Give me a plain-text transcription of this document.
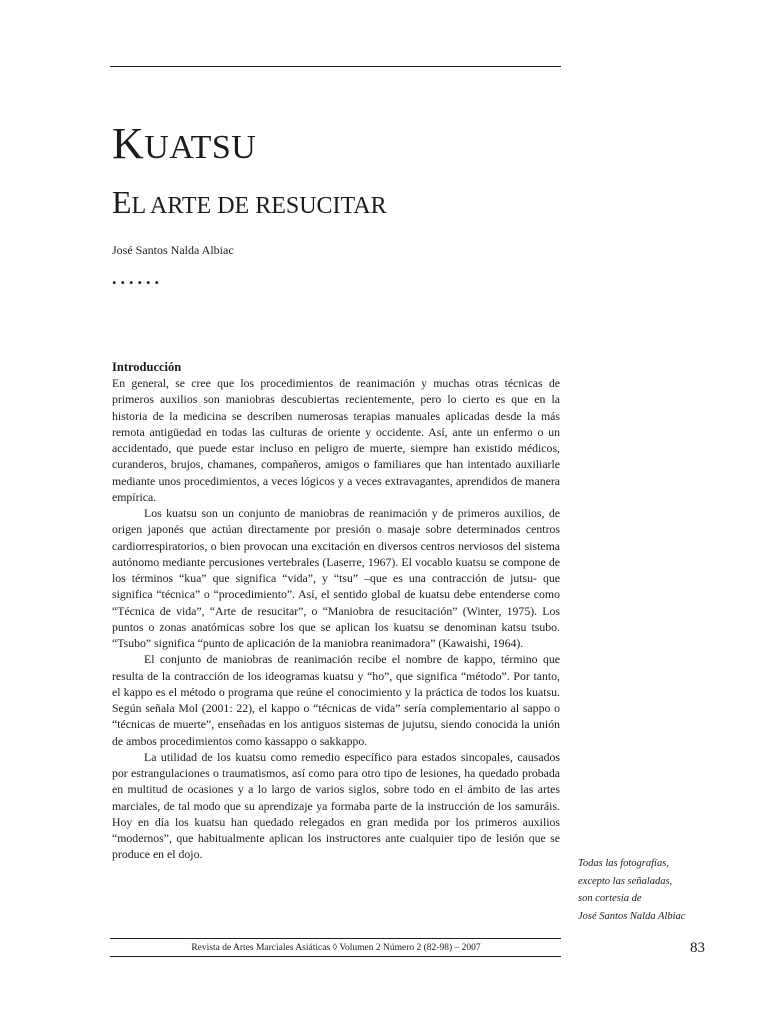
KUATSU
EL ARTE DE RESUCITAR
José Santos Nalda Albiac
......

Introducción

En general, se cree que los procedimientos de reanimación y muchas otras técnicas de primeros auxilios son maniobras descubiertas recientemente, pero lo cierto es que en la historia de la medicina se describen numerosas terapias manuales aplicadas desde la más remota antigüedad en todas las culturas de oriente y occidente. Así, ante un enfermo o un accidentado, que puede estar incluso en peligro de muerte, siempre han existido médicos, curanderos, brujos, chamanes, compañeros, amigos o familiares que han intentado auxiliarle mediante unos procedimientos, a veces lógicos y a veces extravagantes, aprendidos de manera empírica.

Los kuatsu son un conjunto de maniobras de reanimación y de primeros auxilios, de origen japonés que actúan directamente por presión o masaje sobre determinados centros cardiorrespiratorios, o bien provocan una excitación en diversos centros nerviosos del sistema autónomo mediante percusiones vertebrales (Laserre, 1967). El vocablo kuatsu se compone de los términos “kua” que significa “vida”, y “tsu” –que es una contracción de jutsu- que significa “técnica” o “procedimiento”. Así, el sentido global de kuatsu debe entenderse como “Técnica de vida”, “Arte de resucitar”, o “Maniobra de resucitación” (Winter, 1975). Los puntos o zonas anatómicas sobre los que se aplican los kuatsu se denominan katsu tsubo. “Tsubo” significa “punto de aplicación de la maniobra reanimadora” (Kawaishi, 1964).

El conjunto de maniobras de reanimación recibe el nombre de kappo, término que resulta de la contracción de los ideogramas kuatsu y “ho”, que significa “método”. Por tanto, el kappo es el método o programa que reúne el conocimiento y la práctica de todos los kuatsu. Según señala Mol (2001: 22), el kappo o “técnicas de vida” sería complementario al sappo o “técnicas de muerte”, enseñadas en los antiguos sistemas de jujutsu, siendo conocida la unión de ambos procedimientos como kassappo o sakkappo.

La utilidad de los kuatsu como remedio específico para estados sincopales, causados por estrangulaciones o traumatismos, así como para otro tipo de lesiones, ha quedado probada en multitud de ocasiones y a lo largo de varios siglos, sobre todo en el ámbito de las artes marciales, de tal modo que su aprendizaje ya formaba parte de la instrucción de los samuráis. Hoy en día los kuatsu han quedado relegados en gran medida por los primeros auxilios “modernos”, que habitualmente aplican los instructores ante cualquier tipo de lesión que se produce en el dojo.

Todas las fotografías,
excepto las señaladas,
son cortesía de
José Santos Nalda Albiac
Revista de Artes Marciales Asiáticas ◊ Volumen 2 Número 2 (82-98) – 2007	83
